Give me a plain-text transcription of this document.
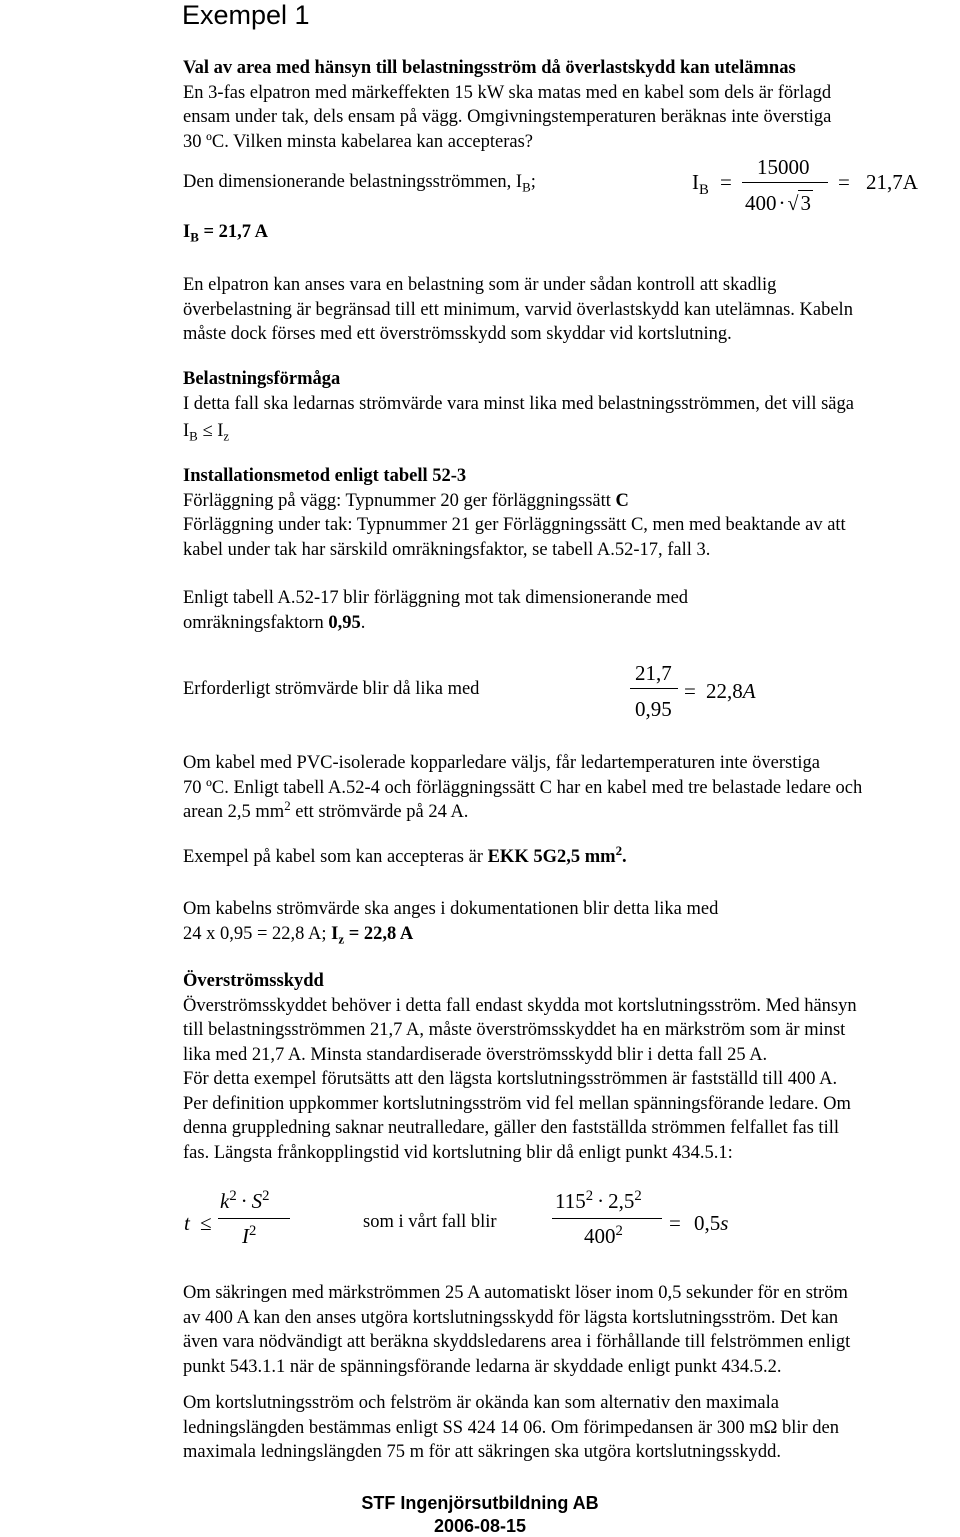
Exempel 1
Val av area med hänsyn till belastningsström då överlastskydd kan utelämnas
En 3-fas elpatron med märkeffekten 15 kW ska matas med en kabel som dels är förlagd
ensam under tak, dels ensam på vägg. Omgivningstemperaturen beräknas inte överstiga
30 ºC. Vilken minsta kabelarea kan accepteras?
Den dimensionerande belastningsströmmen, $I_B$;
$I_B = 21,7$ A
$I_B$ =
15000
400· √3
= 21,7A
En elpatron kan anses vara en belastning som är under sådan kontroll att skadlig
överbelastning är begränsad till ett minimum, varvid överlastskydd kan utelämnas. Kabeln
måste dock förses med ett överströmsskydd som skyddar vid kortslutning.
Belastningsförmåga
I detta fall ska ledarnas strömvärde vara minst lika med belastningsströmmen, det vill säga
$I_B \le I_z$
Installationsmetod enligt tabell 52-3
Förläggning på vägg: Typnummer 20 ger förläggningssätt C
Förläggning under tak: Typnummer 21 ger Förläggningssätt C, men med beaktande av att
kabel under tak har särskild omräkningsfaktor, se tabell A.52-17, fall 3.
Enligt tabell A.52-17 blir förläggning mot tak dimensionerande med
omräkningsfaktorn 0,95.
Erforderligt strömvärde blir då lika med
21,7
0,95
= 22,8A
Om kabel med PVC-isolerade kopparledare väljs, får ledartemperaturen inte överstiga
70 ºC. Enligt tabell A.52-4 och förläggningssätt C har en kabel med tre belastade ledare och
arean 2,5 $mm^2$ ett strömvärde på 24 A.
Exempel på kabel som kan accepteras är EKK 5G2,5 $mm^2$.
Om kabelns strömvärde ska anges i dokumentationen blir detta lika med
24 x 0,95 = 22,8 A; $I_z = 22,8$ A
Överströmsskydd
Överströmsskyddet behöver i detta fall endast skydda mot kortslutningsström. Med hänsyn
till belastningsströmmen 21,7 A, måste överströmsskyddet ha en märkström som är minst
lika med 21,7 A. Minsta standardiserade överströmsskydd blir i detta fall 25 A.
För detta exempel förutsätts att den lägsta kortslutningsströmmen är fastställd till 400 A.
Per definition uppkommer kortslutningsström vid fel mellan spänningsförande ledare. Om
denna gruppledning saknar neutralledare, gäller den fastställda strömmen felfallet fas till
fas. Längsta frånkopplingstid vid kortslutning blir då enligt punkt 434.5.1:
t ≤
$k^2 \cdot S^2$
$I^2$	som i vårt fall blir
$115^2 \cdot 2,5^2$
$400^2 = 0,5s$
Om säkringen med märkströmmen 25 A automatiskt löser inom 0,5 sekunder för en ström
av 400 A kan den anses utgöra kortslutningsskydd för lägsta kortslutningsström. Det kan
även vara nödvändigt att beräkna skyddsledarens area i förhållande till felströmmen enligt
punkt 543.1.1 när de spänningsförande ledarna är skyddade enligt punkt 434.5.2.
Om kortslutningsström och felström är okända kan som alternativ den maximala
ledningslängden bestämmas enligt SS 424 14 06. Om förimpedansen är 300 mΩ blir den
maximala ledningslängden 75 m för att säkringen ska utgöra kortslutningsskydd.
STF Ingenjörsutbildning AB
2006-08-15
